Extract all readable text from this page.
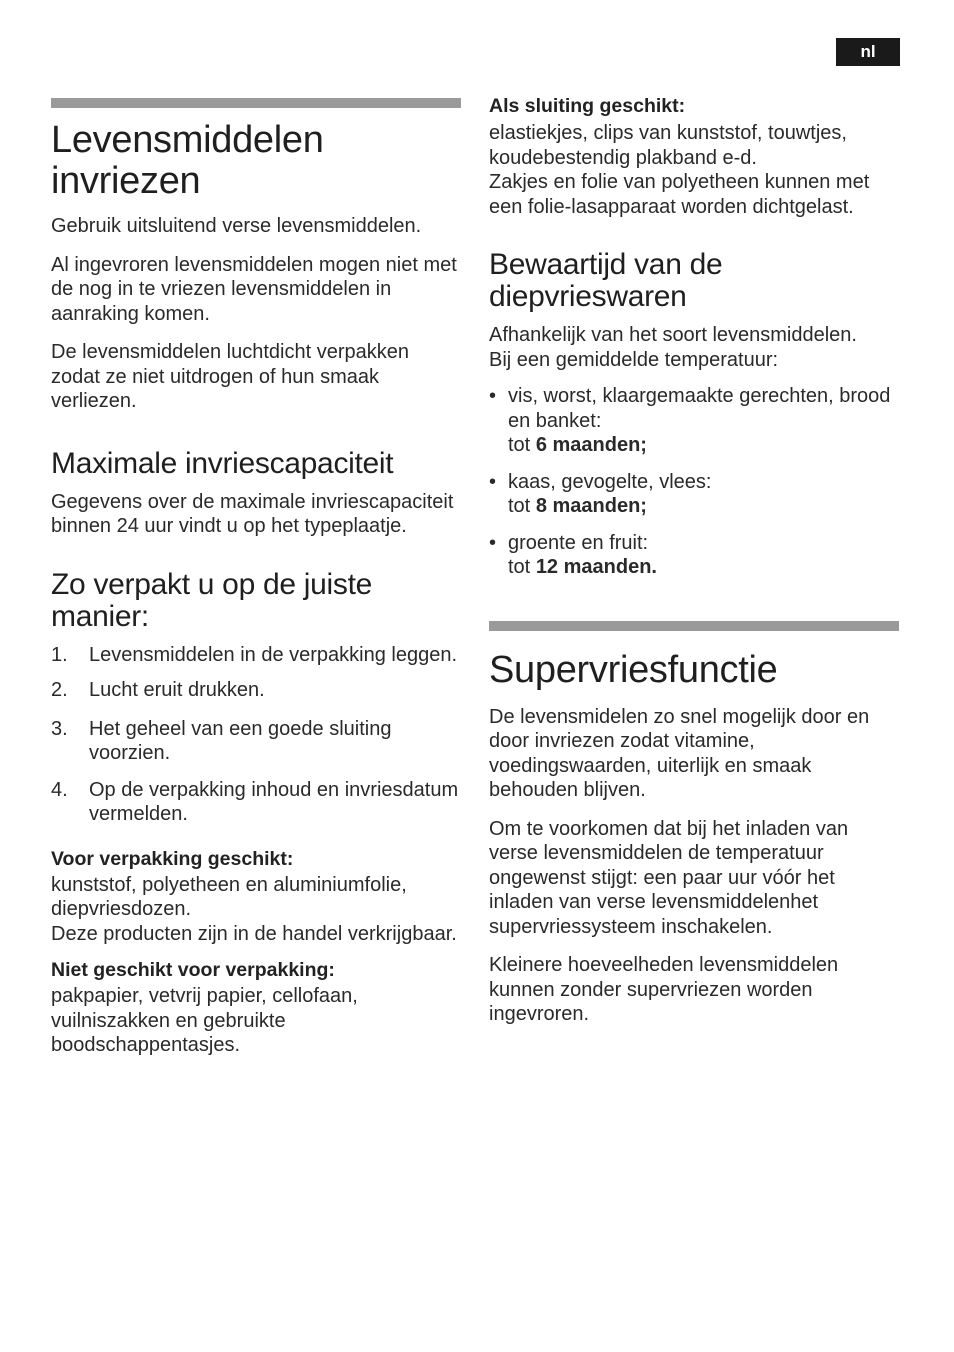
nl
Levensmiddelen
invriezen

Gebruik uitsluitend verse levensmiddelen.

Al ingevroren levensmiddelen mogen niet met de nog in te vriezen levensmiddelen in aanraking komen.

De levensmiddelen luchtdicht verpakken zodat ze niet uitdrogen of hun smaak verliezen.

Maximale invriescapaciteit

Gegevens over de maximale invriescapaciteit binnen 24 uur vindt u op het typeplaatje.

Zo verpakt u op de juiste
manier:
1.	Levensmiddelen in de verpakking leggen.
2.	Lucht eruit drukken.
3.	Het geheel van een goede sluiting voorzien.
4.	Op de verpakking inhoud en invriesdatum vermelden.

Voor verpakking geschikt:

kunststof, polyetheen en aluminiumfolie, diepvriesdozen.

Deze producten zijn in de handel verkrijgbaar.

Niet geschikt voor verpakking:

pakpapier, vetvrij papier, cellofaan, vuilniszakken en gebruikte boodschappentasjes.

Als sluiting geschikt:

elastiekjes, clips van kunststof, touwtjes, koudebestendig plakband e-d.

Zakjes en folie van polyetheen kunnen met een folie-lasapparaat worden dichtgelast.

Bewaartijd van de
diepvrieswaren

Afhankelijk van het soort levensmiddelen.

Bij een gemiddelde temperatuur:

• vis, worst, klaargemaakte gerechten, brood en banket:
tot 6 maanden;
• kaas, gevogelte, vlees:
tot 8 maanden;
• groente en fruit:
tot 12 maanden.
Supervriesfunctie

De levensmidelen zo snel mogelijk door en door invriezen zodat vitamine, voedingswaarden, uiterlijk en smaak behouden blijven.

Om te voorkomen dat bij het inladen van verse levensmiddelen de temperatuur ongewenst stijgt: een paar uur vóór het inladen van verse levensmiddelenhet supervriessysteem inschakelen.

Kleinere hoeveelheden levensmiddelen kunnen zonder supervriezen worden ingevroren.
